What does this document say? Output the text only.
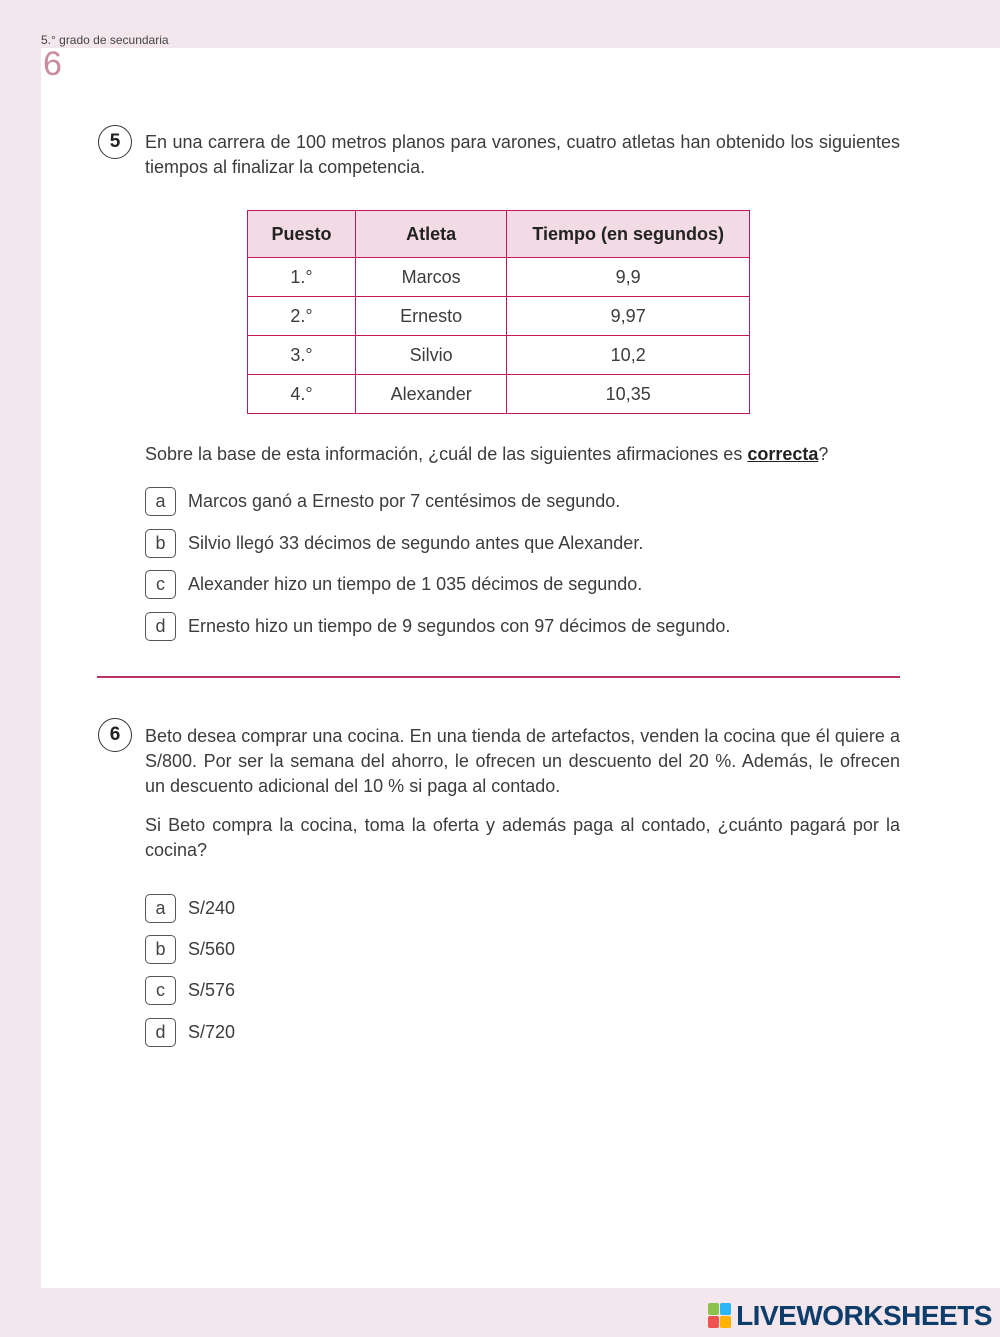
5.° grado de secundaria
6
5	En una carrera de 100 metros planos para varones, cuatro atletas han obtenido los siguientes tiempos al finalizar la competencia.
Puesto	Atleta	Tiempo (en segundos)
1.°	Marcos	9,9
2.°	Ernesto	9,97
3.°	Silvio	10,2
4.°	Alexander	10,35
Sobre la base de esta información, ¿cuál de las siguientes afirmaciones es correcta?
a	Marcos ganó a Ernesto por 7 centésimos de segundo.
b	Silvio llegó 33 décimos de segundo antes que Alexander.
c	Alexander hizo un tiempo de 1 035 décimos de segundo.
d	Ernesto hizo un tiempo de 9 segundos con 97 décimos de segundo.
6	Beto desea comprar una cocina. En una tienda de artefactos, venden la cocina que él quiere a S/800. Por ser la semana del ahorro, le ofrecen un descuento del 20 %. Además, le ofrecen un descuento adicional del 10 % si paga al contado.
Si Beto compra la cocina, toma la oferta y además paga al contado, ¿cuánto pagará por la cocina?
a	S/240
b	S/560
c	S/576
d	S/720
LIVEWORKSHEETS
